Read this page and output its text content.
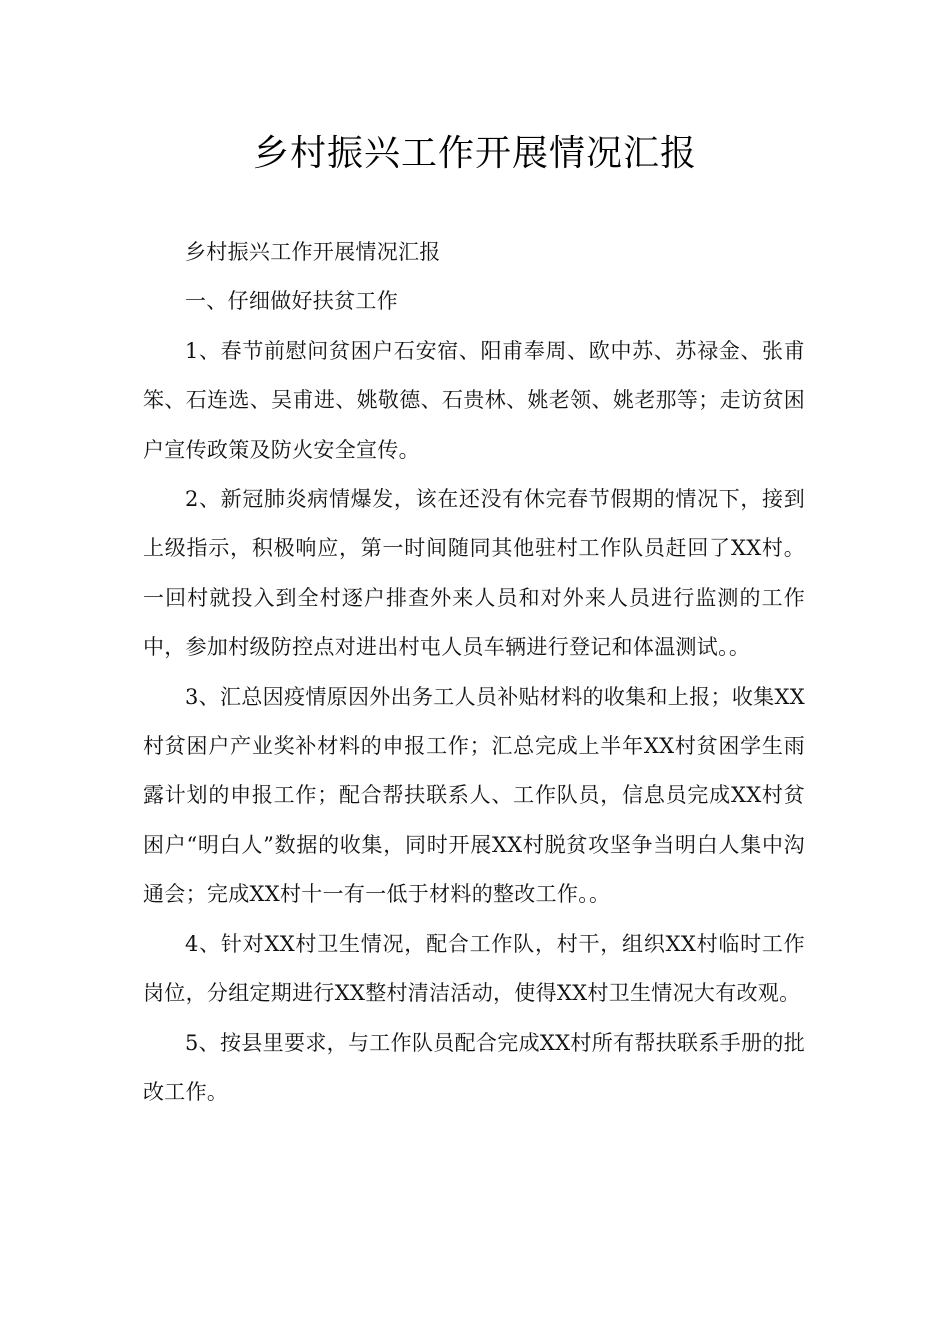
乡村振兴工作开展情况汇报

乡村振兴工作开展情况汇报

一、仔细做好扶贫工作

1、春节前慰问贫困户石安宿、阳甫奉周、欧中苏、苏禄金、张甫笨、石连选、吴甫进、姚敬德、石贵林、姚老领、姚老那等；走访贫困户宣传政策及防火安全宣传。

2、新冠肺炎病情爆发，该在还没有休完春节假期的情况下，接到上级指示，积极响应，第一时间随同其他驻村工作队员赶回了XX村。一回村就投入到全村逐户排查外来人员和对外来人员进行监测的工作中，参加村级防控点对进出村屯人员车辆进行登记和体温测试。。

3、汇总因疫情原因外出务工人员补贴材料的收集和上报；收集XX村贫困户产业奖补材料的申报工作；汇总完成上半年XX村贫困学生雨露计划的申报工作；配合帮扶联系人、工作队员，信息员完成XX村贫困户“明白人”数据的收集，同时开展XX村脱贫攻坚争当明白人集中沟通会；完成XX村十一有一低于材料的整改工作。。

4、针对XX村卫生情况，配合工作队，村干，组织XX村临时工作岗位，分组定期进行XX整村清洁活动，使得XX村卫生情况大有改观。

5、按县里要求，与工作队员配合完成XX村所有帮扶联系手册的批改工作。
